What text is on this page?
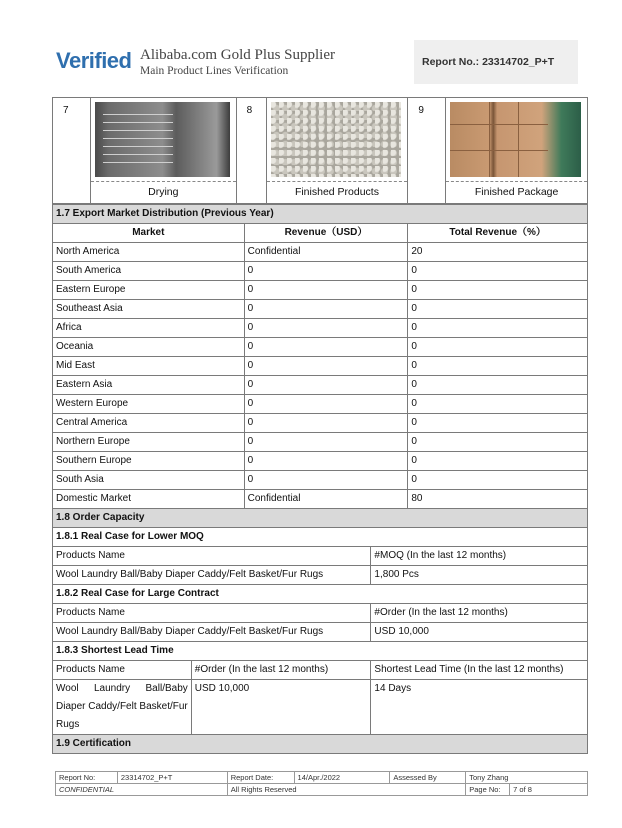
Verified Alibaba.com Gold Plus Supplier
Main Product Lines Verification
Report No.: 23314702_P+T
7	
Drying
	8	
Finished Products
	9	
Finished Package
1.7 Export Market Distribution (Previous Year)				
Market		Revenue（USD）		Total Revenue（%）
North America		Confidential		20
South America		0		0
Eastern Europe		0		0
Southeast Asia		0		0
Africa		0		0
Oceania		0		0
Mid East		0		0
Eastern Asia		0		0
Western Europe		0		0
Central America		0		0
Northern Europe		0		0
Southern Europe		0		0
South Asia		0		0
Domestic Market		Confidential		80
1.8 Order Capacity				
1.8.1 Real Case for Lower MOQ				
Products Name			#MOQ (In the last 12 months)	
Wool Laundry Ball/Baby Diaper Caddy/Felt Basket/Fur Rugs			1,800 Pcs	
1.8.2 Real Case for Large Contract				
Products Name			#Order (In the last 12 months)	
Wool Laundry Ball/Baby Diaper Caddy/Felt Basket/Fur Rugs			USD 10,000	
1.8.3 Shortest Lead Time				
Products Name	#Order (In the last 12 months)		Shortest Lead Time (In the last 12 months)	
Wool Laundry Ball/Baby Diaper Caddy/Felt Basket/Fur Rugs	USD 10,000		14 Days	
1.9 Certification				
Report No:	23314702_P+T	Report Date:	14/Apr./2022	Assessed By	Tony Zhang	
CONFIDENTIAL		All Rights Reserved			Page No:	7 of 8
